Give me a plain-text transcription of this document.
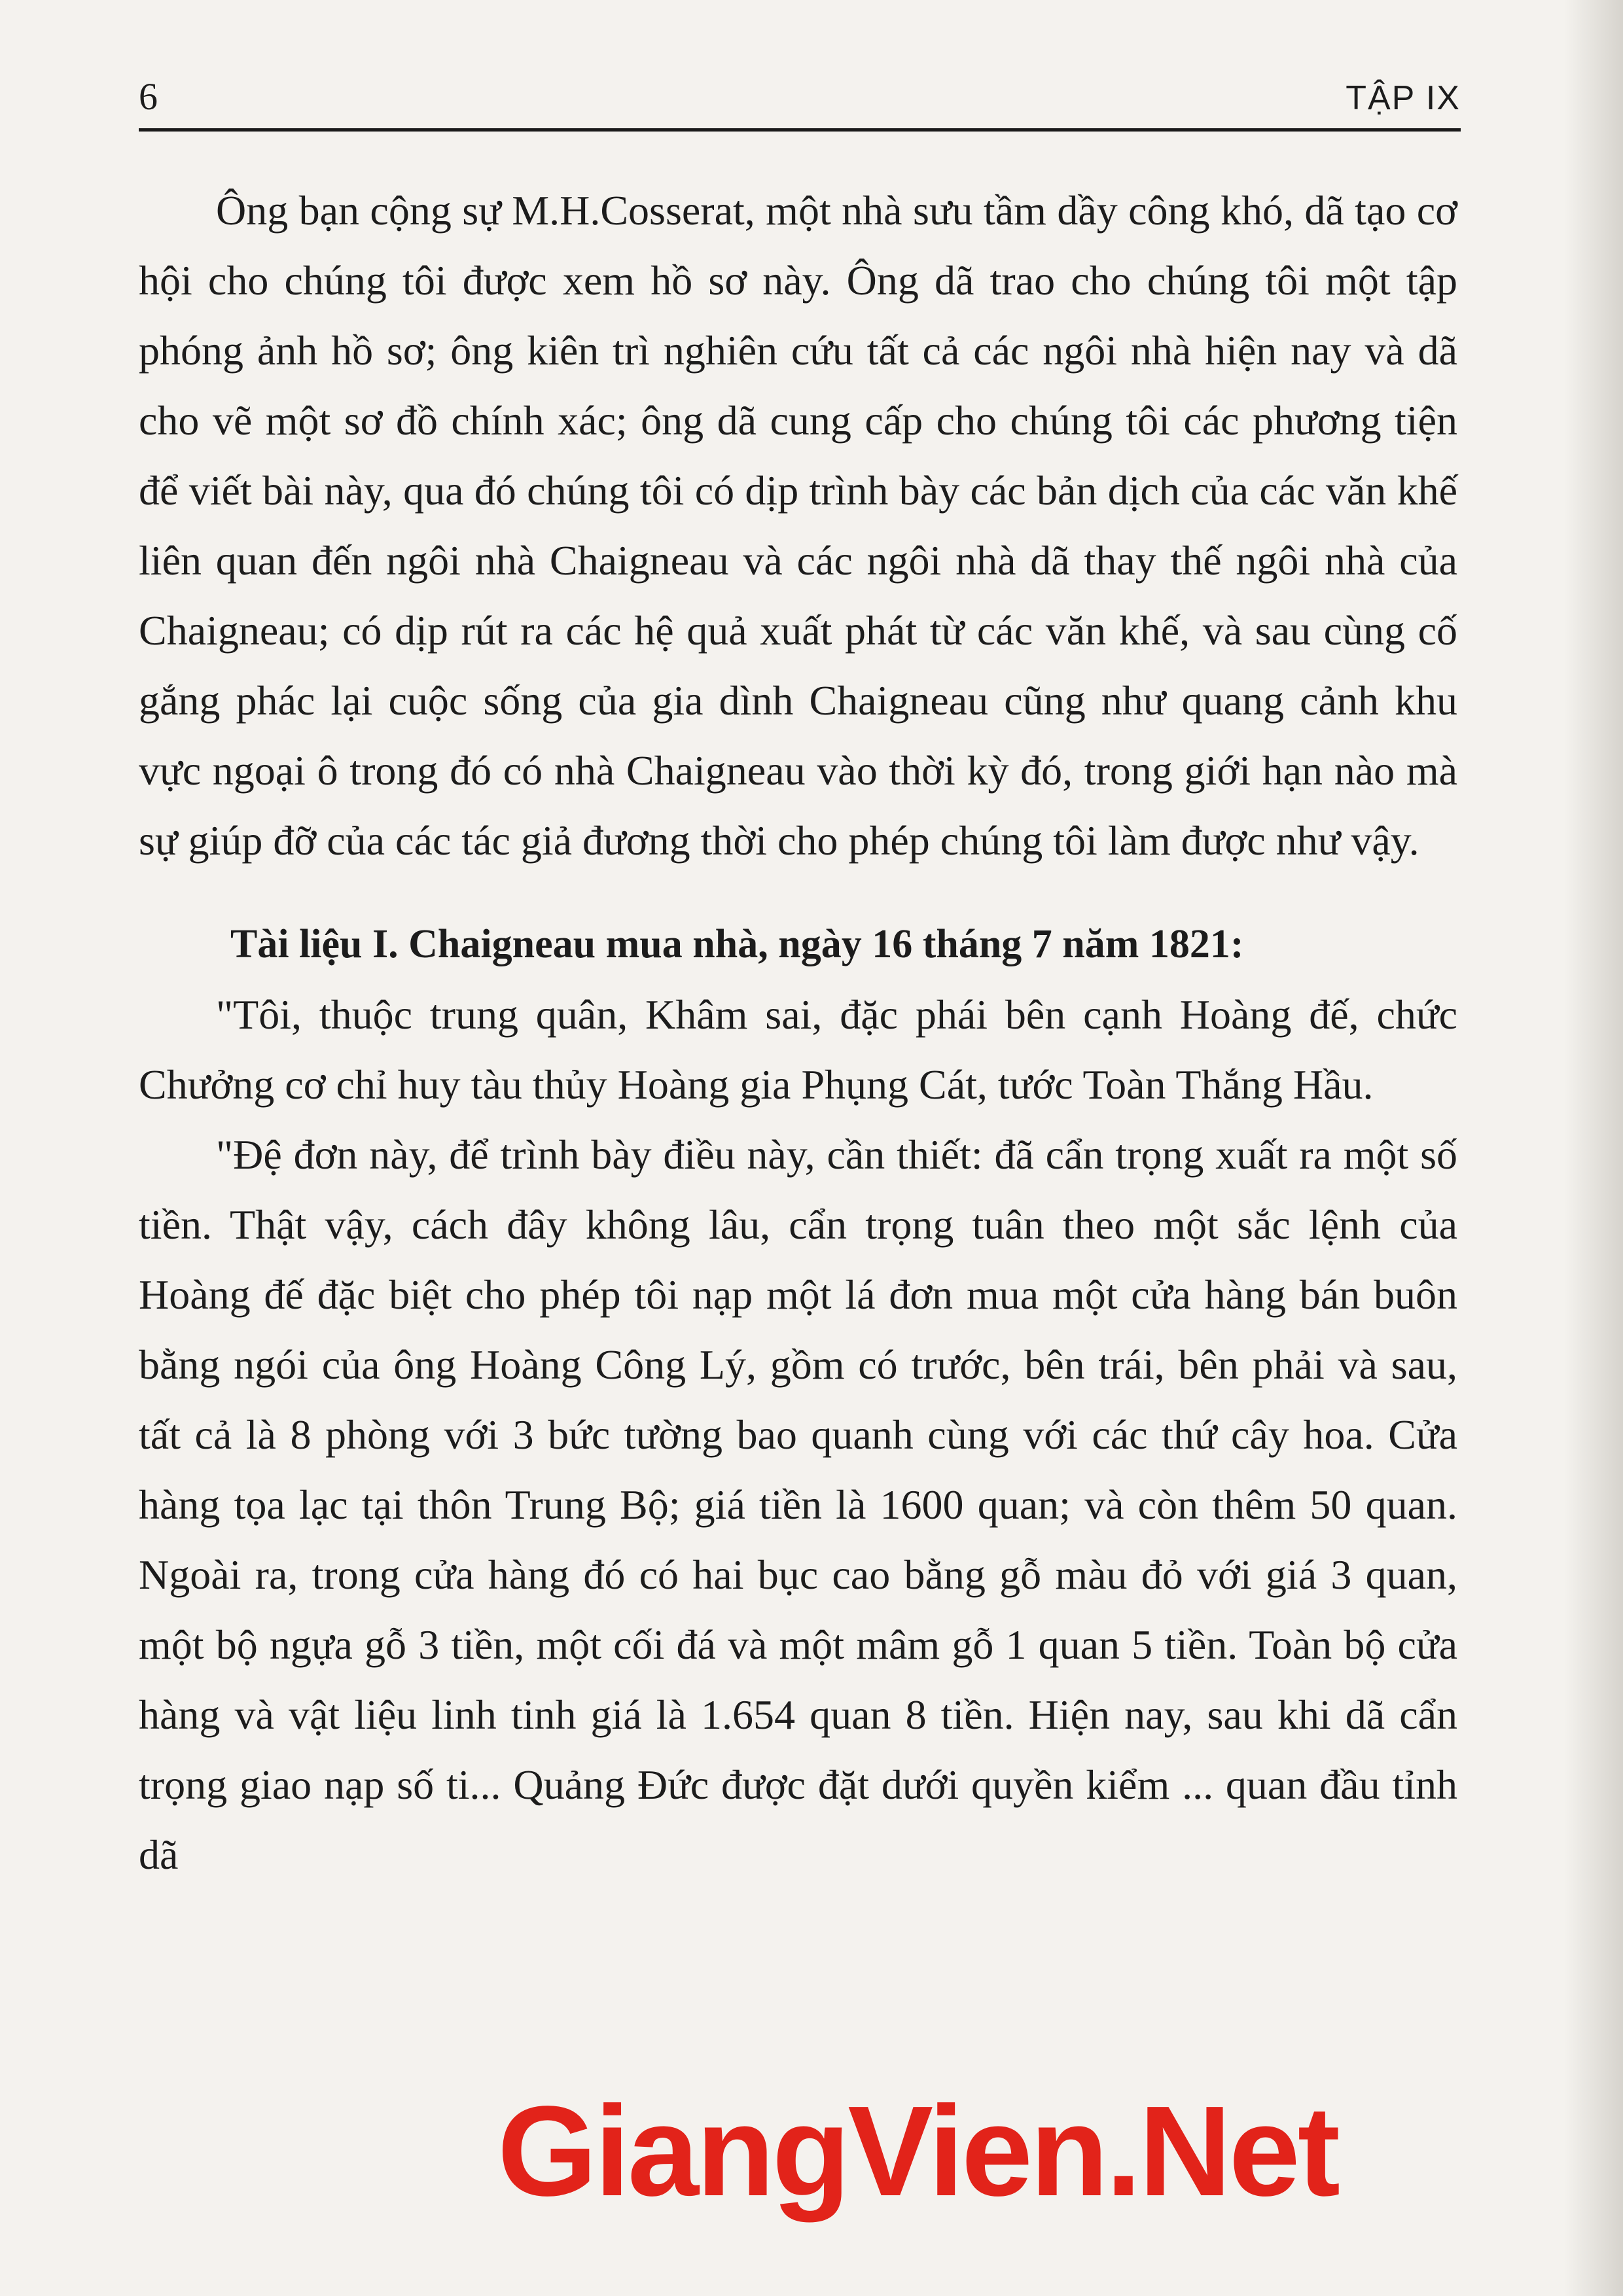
6	TẬP IX

Ông bạn cộng sự M.H.Cosserat, một nhà sưu tầm dầy công khó, dã tạo cơ hội cho chúng tôi được xem hồ sơ này. Ông dã trao cho chúng tôi một tập phóng ảnh hồ sơ; ông kiên trì nghiên cứu tất cả các ngôi nhà hiện nay và dã cho vẽ một sơ đồ chính xác; ông dã cung cấp cho chúng tôi các phương tiện để viết bài này, qua đó chúng tôi có dịp trình bày các bản dịch của các văn khế liên quan đến ngôi nhà Chaigneau và các ngôi nhà dã thay thế ngôi nhà của Chaigneau; có dịp rút ra các hệ quả xuất phát từ các văn khế, và sau cùng cố gắng phác lại cuộc sống của gia dình Chaigneau cũng như quang cảnh khu vực ngoại ô trong đó có nhà Chaigneau vào thời kỳ đó, trong giới hạn nào mà sự giúp đỡ của các tác giả đương thời cho phép chúng tôi làm được như vậy.

Tài liệu I. Chaigneau mua nhà, ngày 16 tháng 7 năm 1821:

"Tôi, thuộc trung quân, Khâm sai, đặc phái bên cạnh Hoàng đế, chức Chưởng cơ chỉ huy tàu thủy Hoàng gia Phụng Cát, tước Toàn Thắng Hầu.

"Đệ đơn này, để trình bày điều này, cần thiết: đã cẩn trọng xuất ra một số tiền. Thật vậy, cách đây không lâu, cẩn trọng tuân theo một sắc lệnh của Hoàng đế đặc biệt cho phép tôi nạp một lá đơn mua một cửa hàng bán buôn bằng ngói của ông Hoàng Công Lý, gồm có trước, bên trái, bên phải và sau, tất cả là 8 phòng với 3 bức tường bao quanh cùng với các thứ cây hoa. Cửa hàng tọa lạc tại thôn Trung Bộ; giá tiền là 1600 quan; và còn thêm 50 quan. Ngoài ra, trong cửa hàng đó có hai bục cao bằng gỗ màu đỏ với giá 3 quan, một bộ ngựa gỗ 3 tiền, một cối đá và một mâm gỗ 1 quan 5 tiền. Toàn bộ cửa hàng và vật liệu linh tinh giá là 1.654 quan 8 tiền. Hiện nay, sau khi dã cẩn trọng giao nạp số ti... Quảng Đức được đặt dưới quyền kiểm ... quan đầu tỉnh dã

GiangVien.Net
